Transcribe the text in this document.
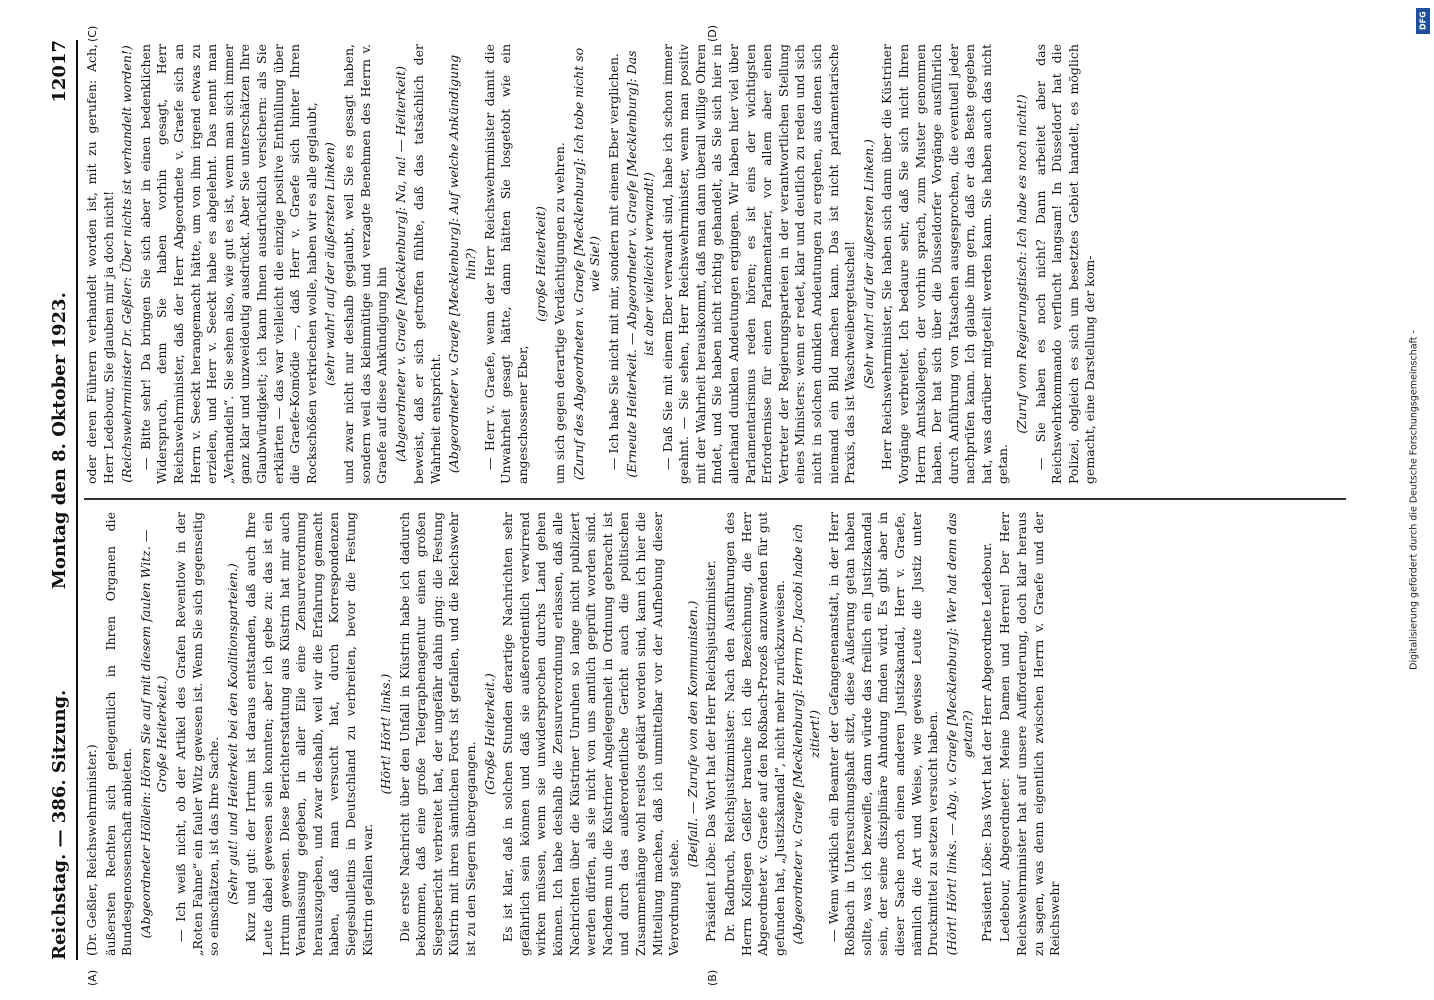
Reichstag. — 386. Sitzung.
Montag den 8. Oktober 1923.
12017
(A)	(B)
(C)	(D)

(Dr. Geßler, Reichswehrminister.) äußersten Rechten sich gelegentlich in Ihren Organen die Bundesgenossenschaft anbieten. (Abgeordneter Höllein: Hören Sie auf mit diesem faulen Witz. — Große Heiterkeit.) — Ich weiß nicht, ob der Artikel des Grafen Reventlow in der „Roten Fahne“ ein fauler Witz gewesen ist. Wenn Sie sich gegenseitig so einschätzen, ist das Ihre Sache. (Sehr gut! und Heiterkeit bei den Koalitionsparteien.) Kurz und gut: der Irrtum ist daraus entstanden, daß auch Ihre Leute dabei gewesen sein konnten; aber ich gebe zu: das ist ein Irrtum gewesen. Diese Berichterstattung aus Küstrin hat mir auch Veranlassung gegeben, in aller Eile eine Zensurverordnung herauszugeben, und zwar deshalb, weil wir die Erfahrung gemacht haben, daß man versucht hat, durch Korrespondenzen Siegesbulletins in Deutschland zu verbreiten, bevor die Festung Küstrin gefallen war.

(Hört! Hört! links.) Die erste Nachricht über den Unfall in Küstrin habe ich dadurch bekommen, daß eine große Telegraphenagentur einen großen Siegesbericht verbreitet hat, der ungefähr dahin ging: die Festung Küstrin mit ihren sämtlichen Forts ist gefallen, und die Reichswehr ist zu den Siegern übergegangen.

(Große Heiterkeit.) Es ist klar, daß in solchen Stunden derartige Nachrichten sehr gefährlich sein können und daß sie außerordentlich verwirrend wirken müssen, wenn sie unwidersprochen durchs Land gehen können. Ich habe deshalb die Zensurverordnung erlassen, daß alle Nachrichten über die Küstriner Unruhen so lange nicht publiziert werden dürfen, als sie nicht von uns amtlich geprüft worden sind. Nachdem nun die Küstriner Angelegenheit in Ordnung gebracht ist und durch das außerordentliche Gericht auch die politischen Zusammenhänge wohl restlos geklärt worden sind, kann ich hier die Mitteilung machen, daß ich unmittelbar vor der Aufhebung dieser Verordnung stehe.

(Beifall. — Zurufe von den Kommunisten.) Präsident Löbe: Das Wort hat der Herr Reichsjustizminister. Dr. Radbruch, Reichsjustizminister: Nach den Ausführungen des Herrn Kollegen Geßler brauche ich die Bezeichnung, die Herr Abgeordneter v. Graefe auf den Roßbach-Prozeß anzuwenden für gut gefunden hat, „Justizskandal“, nicht mehr zurückzuweisen. (Abgeordneter v. Graefe [Mecklenburg]: Herrn Dr. Jacobi habe ich zitiert!) — Wenn wirklich ein Beamter der Gefangenenanstalt, in der Herr Roßbach in Untersuchungshaft sitzt, diese Äußerung getan haben sollte, was ich bezweifle, dann würde das freilich ein Justizskandal sein, der seine disziplinäre Ahndung finden wird. Es gibt aber in dieser Sache noch einen anderen Justizskandal, Herr v. Graefe, nämlich die Art und Weise, wie gewisse Leute die Justiz unter Druckmittel zu setzen versucht haben. (Hört! Hört! links. — Abg. v. Graefe [Mecklenburg]: Wer hat denn das getan?) Präsident Löbe: Das Wort hat der Herr Abgeordnete Ledebour. Ledebour, Abgeordneter: Meine Damen und Herren! Der Herr Reichswehrminister hat auf unsere Aufforderung, doch klar heraus zu sagen, was denn eigentlich zwischen Herrn v. Graefe und der Reichswehr

oder deren Führern verhandelt worden ist, mit zu gerufen: Ach, Herr Ledebour, Sie glauben mir ja doch nicht! (Reichswehrminister Dr. Geßler: Über nichts ist verhandelt worden!) — Bitte sehr! Da bringen Sie sich aber in einen bedenklichen Widerspruch, denn Sie haben vorhin gesagt, Herr Reichswehrminister, daß der Herr Abgeordnete v. Graefe sich an Herrn v. Seeckt herangemacht hätte, um von ihm irgend etwas zu erzielen, und Herr v. Seeckt habe es abgelehnt. Das nennt man „Verhandeln“. Sie sehen also, wie gut es ist, wenn man sich immer ganz klar und unzweideutig ausdrückt. Aber Sie unterschätzen Ihre Glaubwürdigkeit; ich kann Ihnen ausdrücklich versichern: als Sie erklärten — das war vielleicht die einzige positive Enthüllung über die Graefe-Komödie —, daß Herr v. Graefe sich hinter Ihren Rockschößen verkriechen wolle, haben wir es alle geglaubt, (sehr wahr! auf der äußersten Linken) und zwar nicht nur deshalb geglaubt, weil Sie es gesagt haben, sondern weil das kleinmütige und verzagte Benehmen des Herrn v. Graefe auf diese Ankündigung hin (Abgeordneter v. Graefe [Mecklenburg]: Na, na! — Heiterkeit) beweist, daß er sich getroffen fühlte, daß das tatsächlich der Wahrheit entspricht. (Abgeordneter v. Graefe [Mecklenburg]: Auf welche Ankündigung hin?) — Herr v. Graefe, wenn der Herr Reichswehrminister damit die Unwahrheit gesagt hätte, dann hätten Sie losgetobt wie ein angeschossener Eber,

(große Heiterkeit) um sich gegen derartige Verdächtigungen zu wehren. (Zuruf des Abgeordneten v. Graefe [Mecklenburg]: Ich tobe nicht so wie Sie!) — Ich habe Sie nicht mit mir, sondern mit einem Eber verglichen. (Erneute Heiterkeit. — Abgeordneter v. Graefe [Mecklenburg]: Das ist aber vielleicht verwandt!) — Daß Sie mit einem Eber verwandt sind, habe ich schon immer geahnt. — Sie sehen, Herr Reichswehrminister, wenn man positiv mit der Wahrheit herauskommt, daß man dann überall willige Ohren findet, und Sie haben nicht richtig gehandelt, als Sie sich hier in allerhand dunklen Andeutungen ergingen. Wir haben hier viel über Parlamentarismus reden hören; es ist eins der wichtigsten Erfordernisse für einen Parlamentarier, vor allem aber einen Vertreter der Regierungsparteien in der verantwortlichen Stellung eines Ministers: wenn er redet, klar und deutlich zu reden und sich nicht in solchen dunklen Andeutungen zu ergehen, aus denen sich niemand ein Bild machen kann. Das ist nicht parlamentarische Praxis, das ist Waschweibergetuschel! (Sehr wahr! auf der äußersten Linken.) Herr Reichswehrminister, Sie haben sich dann über die Küstriner Vorgänge verbreitet. Ich bedaure sehr, daß Sie sich nicht Ihren Herrn Amtskollegen, der vorhin sprach, zum Muster genommen haben. Der hat sich über die Düsseldorfer Vorgänge ausführlich durch Anführung von Tatsachen ausgesprochen, die eventuell jeder nachprüfen kann. Ich glaube ihm gern, daß er das Beste gegeben hat, was darüber mitgeteilt werden kann. Sie haben auch das nicht getan.

(Zuruf vom Regierungstisch: Ich habe es noch nicht!) — Sie haben es noch nicht? Dann arbeitet aber das Reichswehrkommando verflucht langsam! In Düsseldorf hat die Polizei, obgleich es sich um besetztes Gebiet handelt, es möglich gemacht, eine Darstellung der kom-	Digitalisierung gefördert durch die Deutsche Forschungsgemeinschaft -
DFG
